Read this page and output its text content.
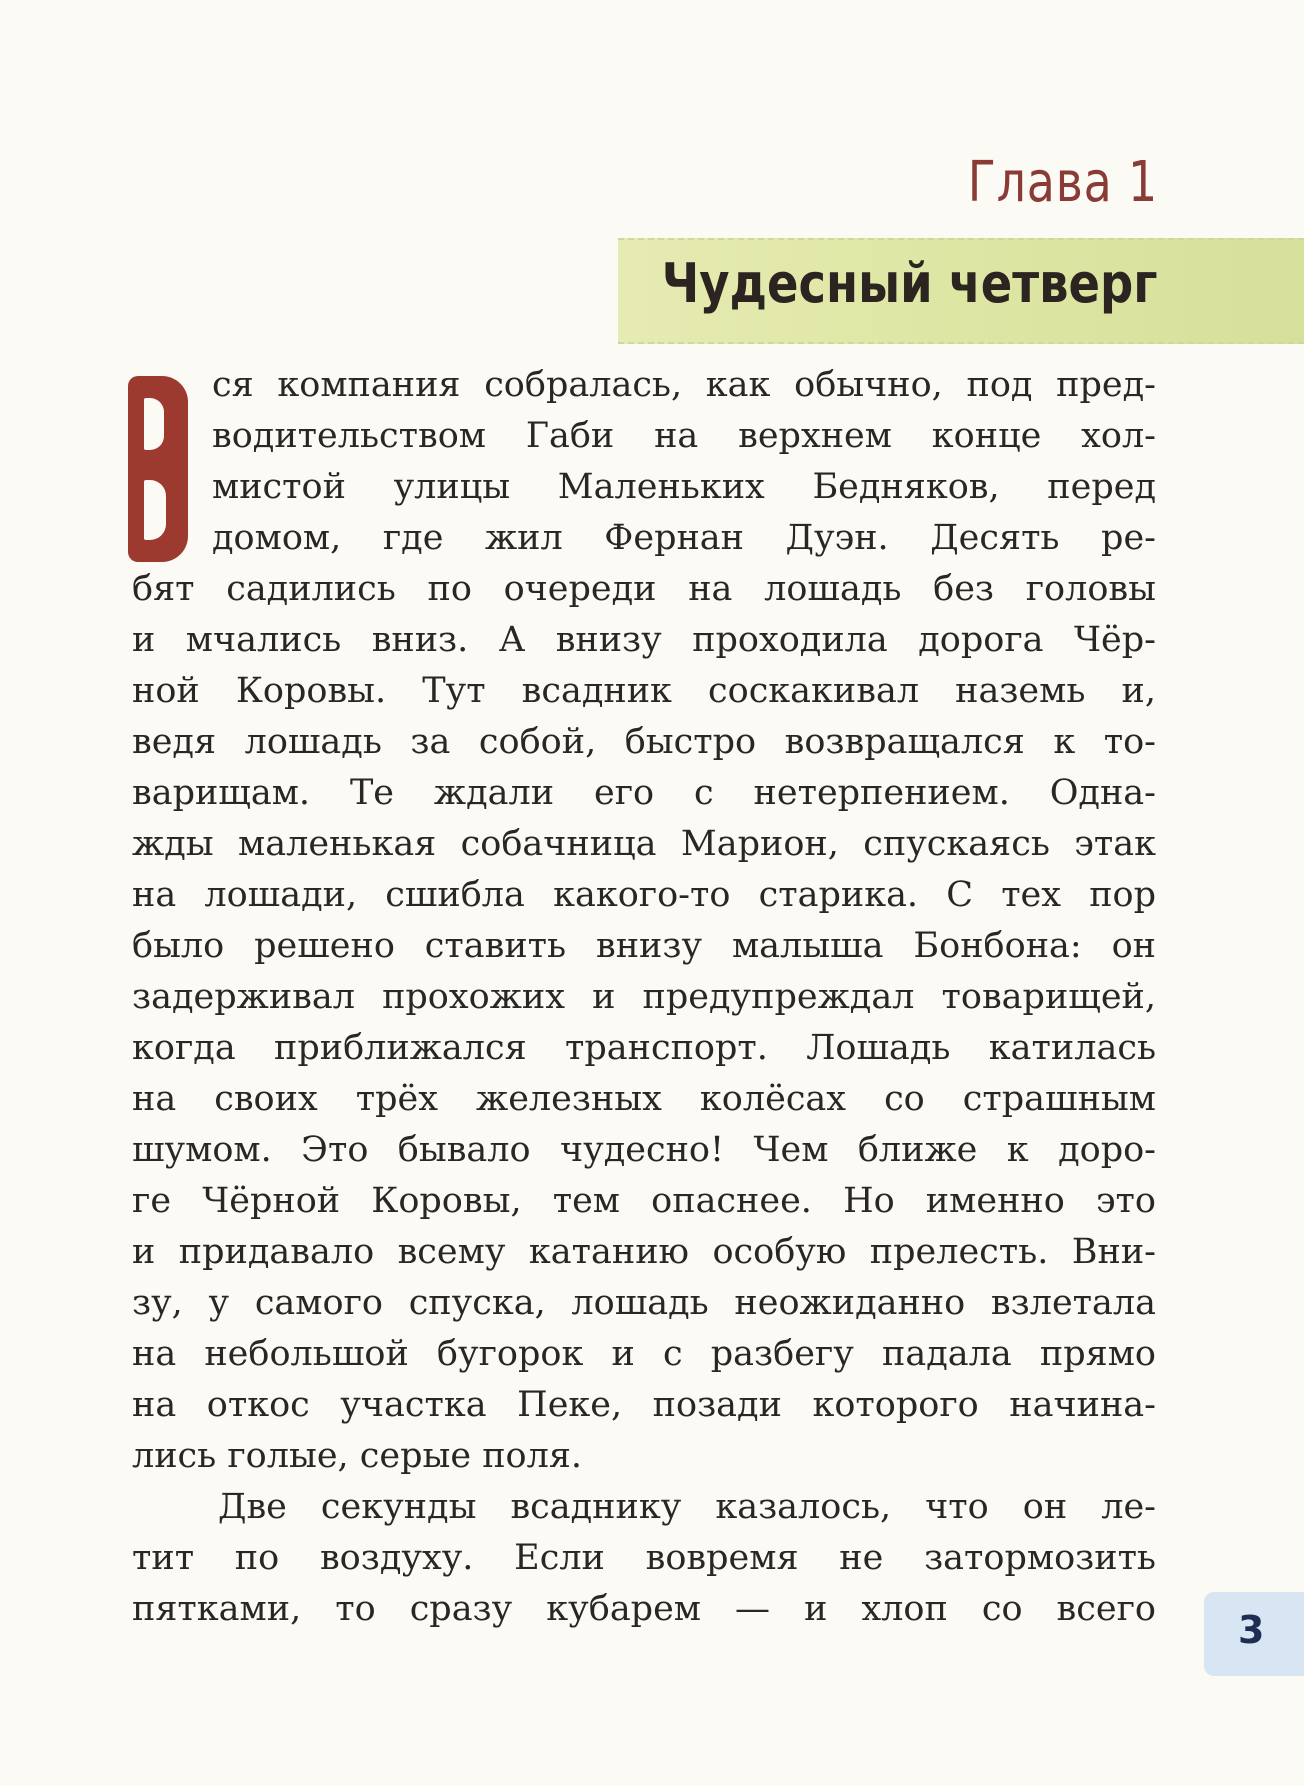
Глава 1
Чудесный четверг
ся компания собралась, как обычно, под пред-
водительством Габи на верхнем конце хол-
мистой улицы Маленьких Бедняков, перед
домом, где жил Фернан Дуэн. Десять ре-
бят садились по очереди на лошадь без головы
и мчались вниз. А внизу проходила дорога Чёр-
ной Коровы. Тут всадник соскакивал наземь и,
ведя лошадь за собой, быстро возвращался к то-
варищам. Те ждали его с нетерпением. Одна-
жды маленькая собачница Марион, спускаясь этак
на лошади, сшибла какого-то старика. С тех пор
было решено ставить внизу малыша Бонбона: он
задерживал прохожих и предупреждал товарищей,
когда приближался транспорт. Лошадь катилась
на своих трёх железных колёсах со страшным
шумом. Это бывало чудесно! Чем ближе к доро-
ге Чёрной Коровы, тем опаснее. Но именно это
и придавало всему катанию особую прелесть. Вни-
зу, у самого спуска, лошадь неожиданно взлетала
на небольшой бугорок и с разбегу падала прямо
на откос участка Пеке, позади которого начина-
лись голые, серые поля.
Две секунды всаднику казалось, что он ле-
тит по воздуху. Если вовремя не затормозить
пятками, то сразу кубарем — и хлоп со всего 3
